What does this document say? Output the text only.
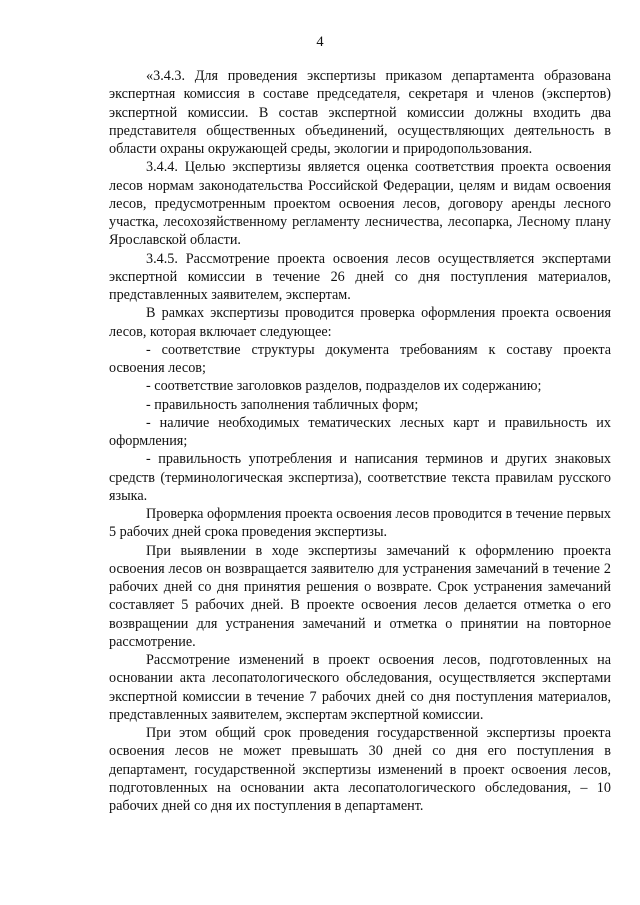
4

«3.4.3. Для проведения экспертизы приказом департамента образована экспертная комиссия в составе председателя, секретаря и членов (экспертов) экспертной комиссии. В состав экспертной комиссии должны входить два представителя общественных объединений, осуществляющих деятельность в области охраны окружающей среды, экологии и природопользования.

3.4.4. Целью экспертизы является оценка соответствия проекта освоения лесов нормам законодательства Российской Федерации, целям и видам освоения лесов, предусмотренным проектом освоения лесов, договору аренды лесного участка, лесохозяйственному регламенту лесничества, лесопарка, Лесному плану Ярославской области.

3.4.5. Рассмотрение проекта освоения лесов осуществляется экспертами экспертной комиссии в течение 26 дней со дня поступления материалов, представленных заявителем, экспертам.

В рамках экспертизы проводится проверка оформления проекта освоения лесов, которая включает следующее:

- соответствие структуры документа требованиям к составу проекта освоения лесов;

- соответствие заголовков разделов, подразделов их содержанию;

- правильность заполнения табличных форм;

- наличие необходимых тематических лесных карт и правильность их оформления;

- правильность употребления и написания терминов и других знаковых средств (терминологическая экспертиза), соответствие текста правилам русского языка.

Проверка оформления проекта освоения лесов проводится в течение первых 5 рабочих дней срока проведения экспертизы.

При выявлении в ходе экспертизы замечаний к оформлению проекта освоения лесов он возвращается заявителю для устранения замечаний в течение 2 рабочих дней со дня принятия решения о возврате. Срок устранения замечаний составляет 5 рабочих дней. В проекте освоения лесов делается отметка о его возвращении для устранения замечаний и отметка о принятии на повторное рассмотрение.

Рассмотрение изменений в проект освоения лесов, подготовленных на основании акта лесопатологического обследования, осуществляется экспертами экспертной комиссии в течение 7 рабочих дней со дня поступления материалов, представленных заявителем, экспертам экспертной комиссии.

При этом общий срок проведения государственной экспертизы проекта освоения лесов не может превышать 30 дней со дня его поступления в департамент, государственной экспертизы изменений в проект освоения лесов, подготовленных на основании акта лесопатологического обследования, – 10 рабочих дней со дня их поступления в департамент.
